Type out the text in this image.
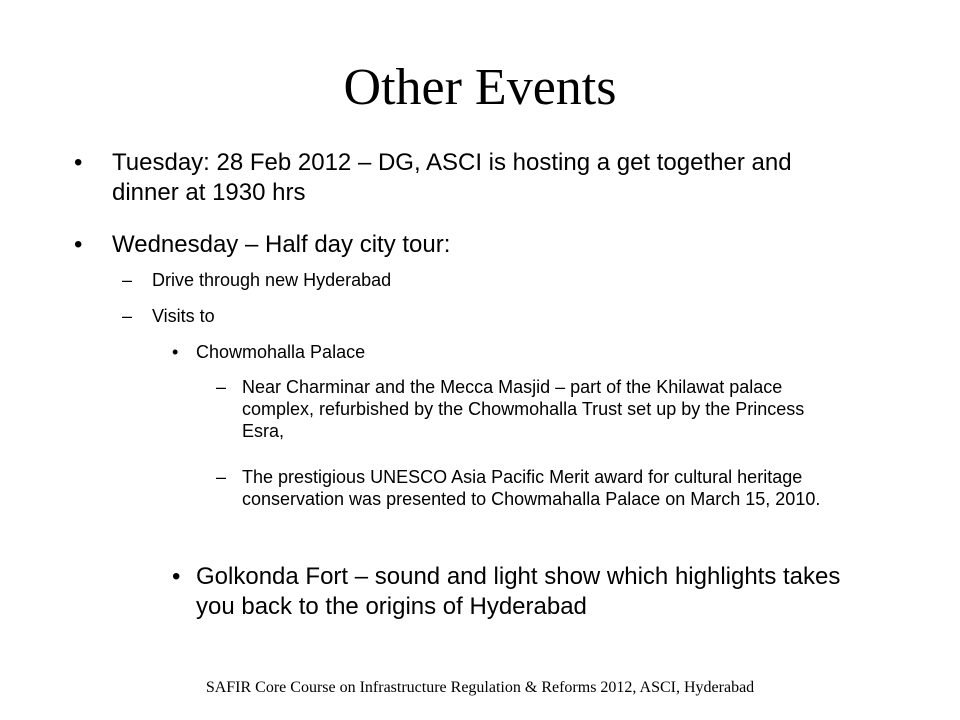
Other Events
• Tuesday: 28 Feb 2012 – DG, ASCI is hosting a get together and dinner at 1930 hrs
• Wednesday – Half day city tour:
– Drive through new Hyderabad
– Visits to
• Chowmohalla Palace
– Near Charminar and the Mecca Masjid – part of the Khilawat palace complex, refurbished by the Chowmohalla Trust set up by the Princess Esra,
– The prestigious UNESCO Asia Pacific Merit award for cultural heritage conservation was presented to Chowmahalla Palace on March 15, 2010.
• Golkonda Fort – sound and light show which highlights takes you back to the origins of Hyderabad
SAFIR Core Course on Infrastructure Regulation & Reforms 2012, ASCI, Hyderabad
